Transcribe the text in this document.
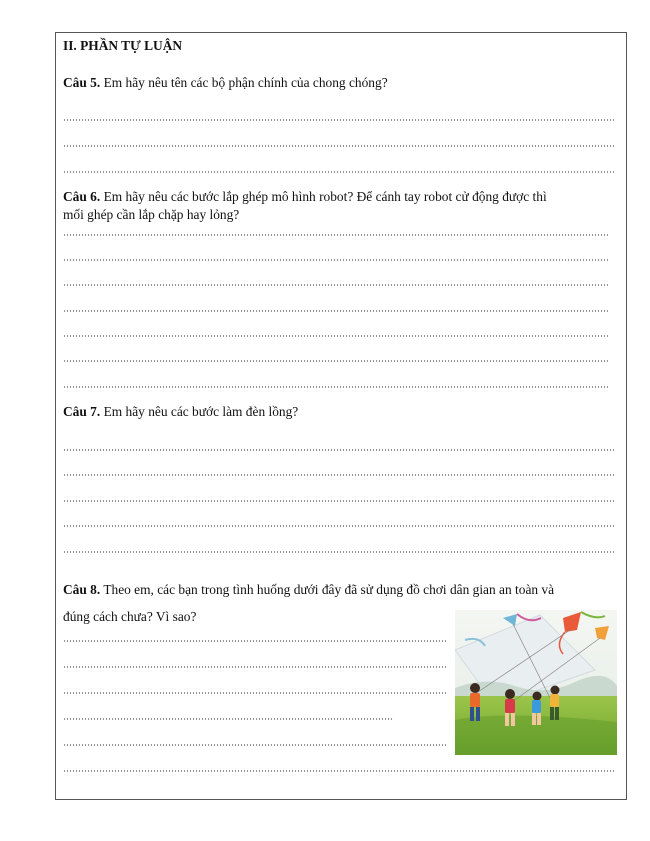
II. PHẦN TỰ LUẬN
Câu 5. Em hãy nêu tên các bộ phận chính của chong chóng?
Câu 6. Em hãy nêu các bước lắp ghép mô hình robot? Để cánh tay robot cử động được thì
mối ghép cần lắp chặp hay lỏng?
Câu 7. Em hãy nêu các bước làm đèn lồng?
Câu 8. Theo em, các bạn trong tình huống dưới đây đã sử dụng đồ chơi dân gian an toàn và
đúng cách chưa? Vì sao?
